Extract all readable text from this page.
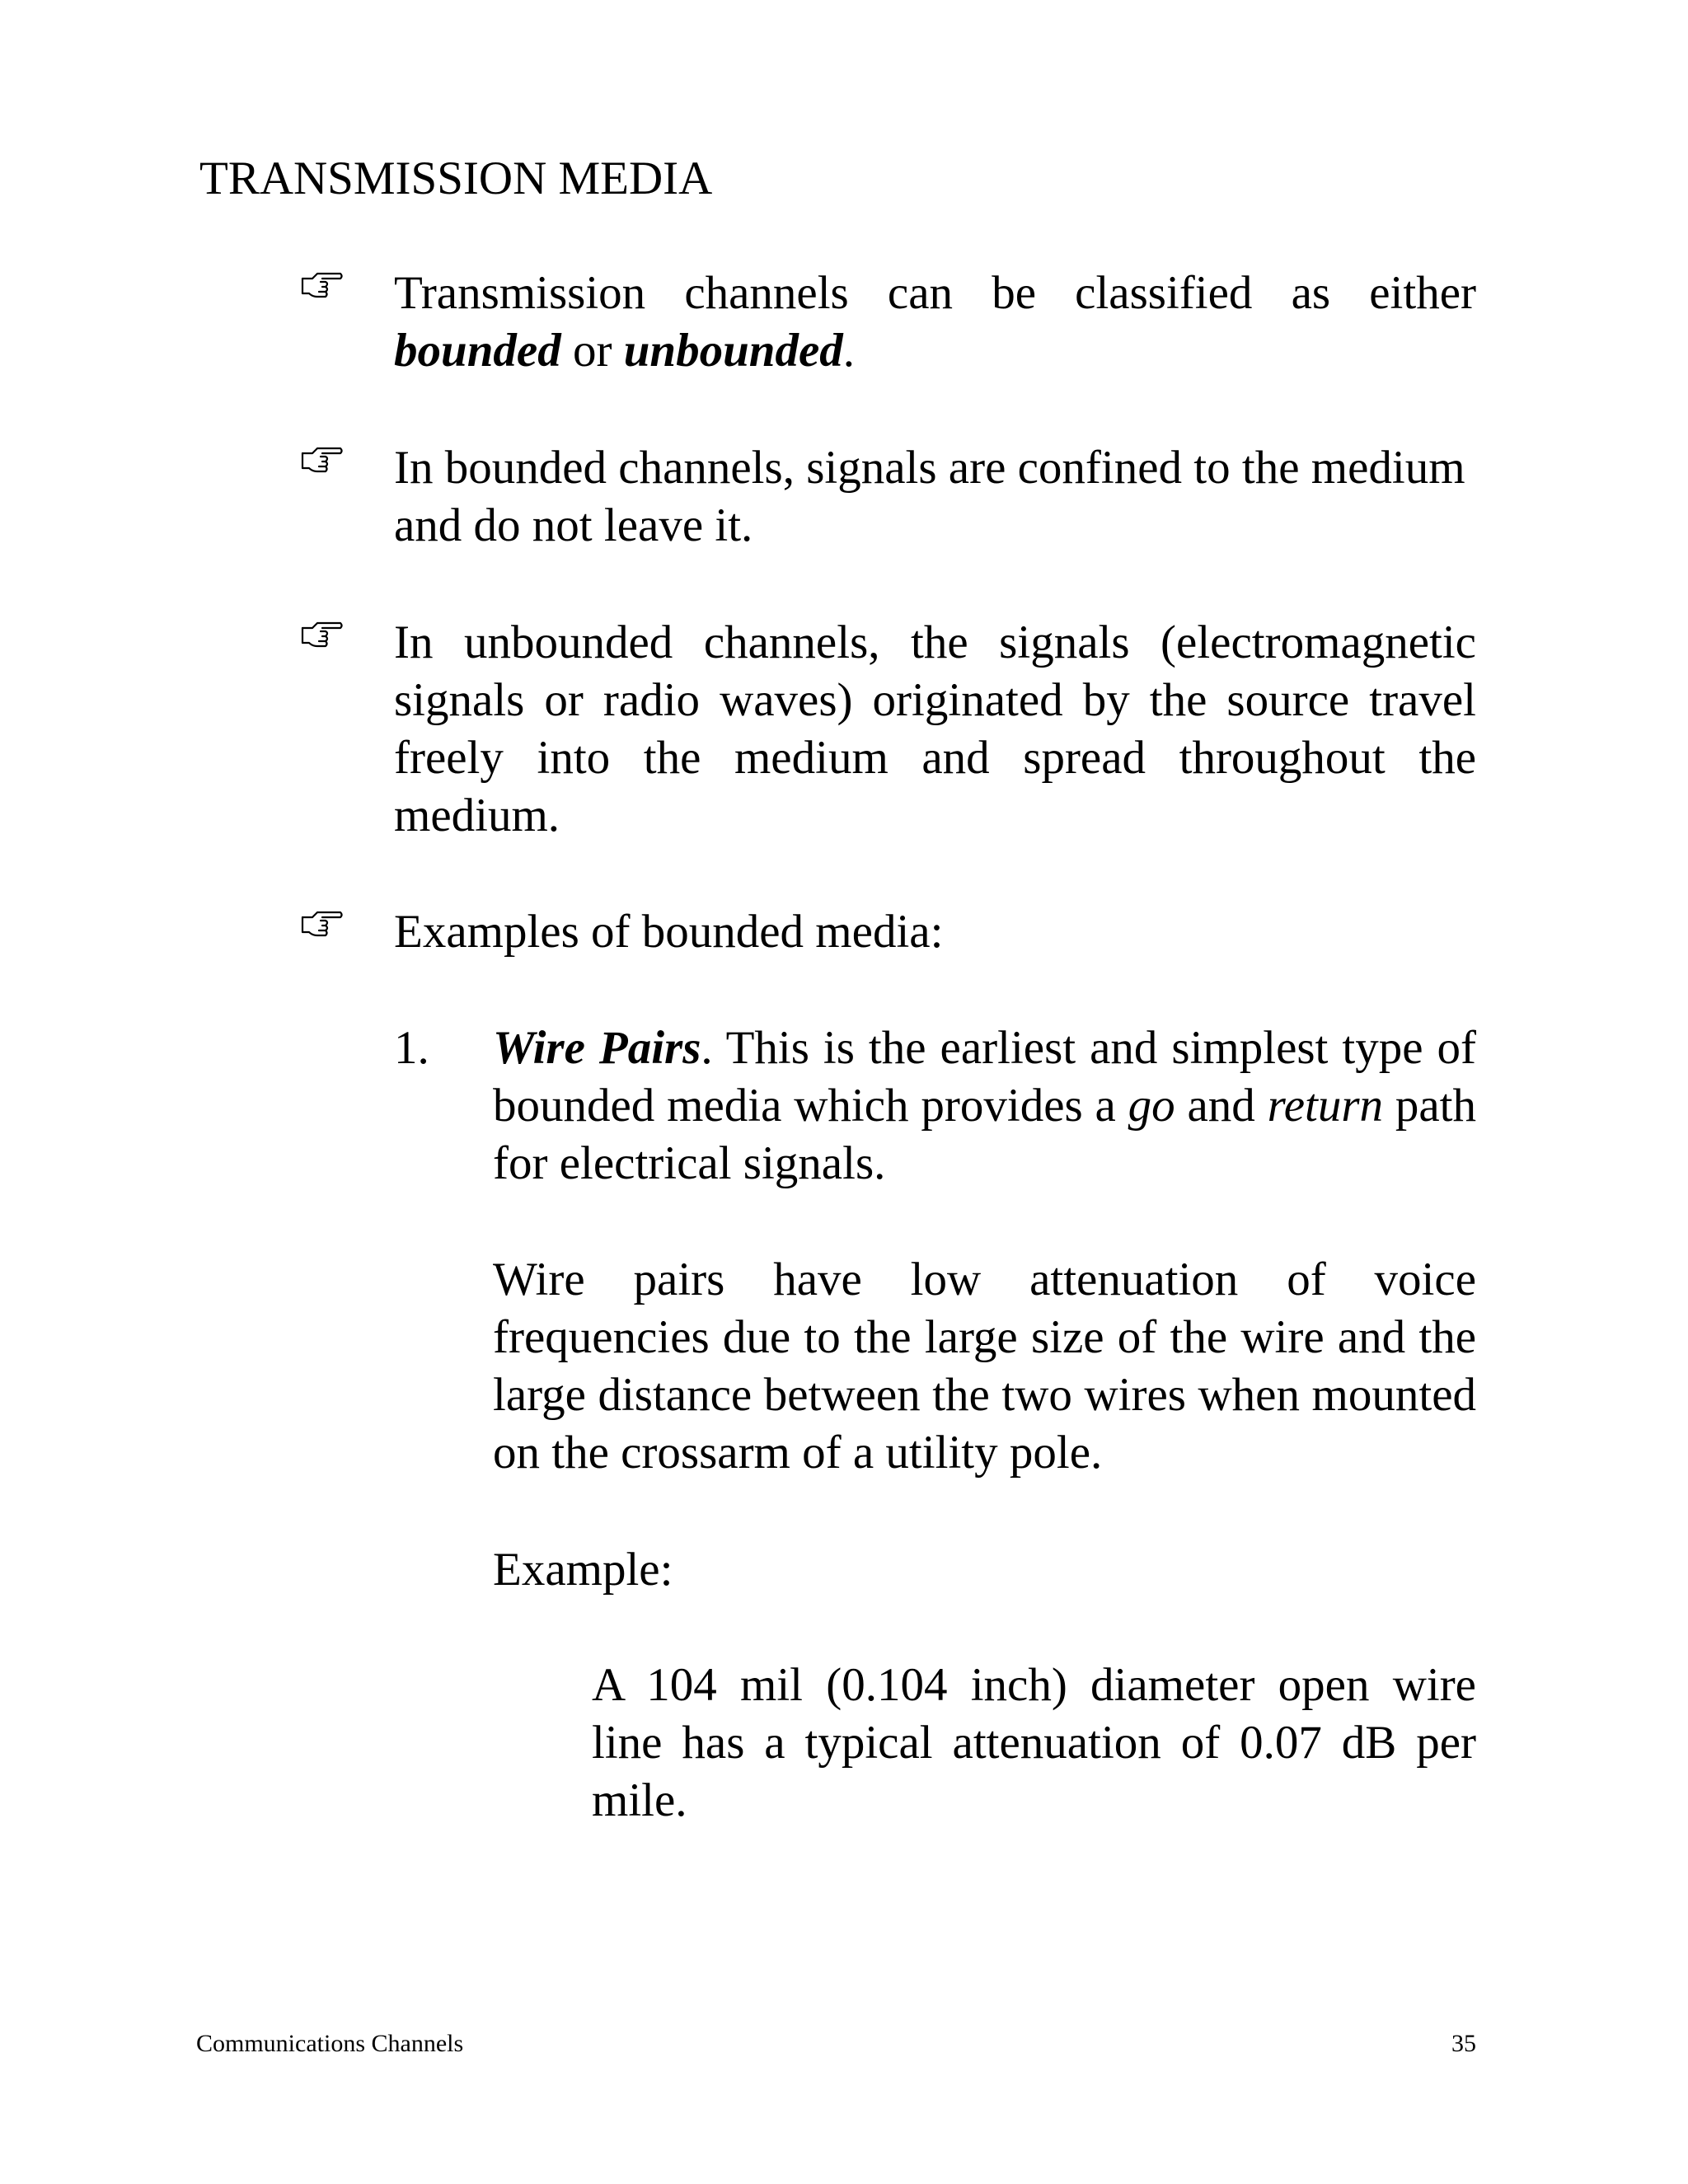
TRANSMISSION MEDIA
Transmission channels can be classified as either bounded or unbounded.
In bounded channels, signals are confined to the medium and do not leave it.
In unbounded channels, the signals (electromagnetic signals or radio waves) originated by the source travel freely into the medium and spread throughout the medium.
Examples of bounded media:
1. Wire Pairs. This is the earliest and simplest type of bounded media which provides a go and return path for electrical signals.
Wire pairs have low attenuation of voice frequencies due to the large size of the wire and the large distance between the two wires when mounted on the crossarm of a utility pole.
Example:
A 104 mil (0.104 inch) diameter open wire line has a typical attenuation of 0.07 dB per mile.
Communications Channels	35
